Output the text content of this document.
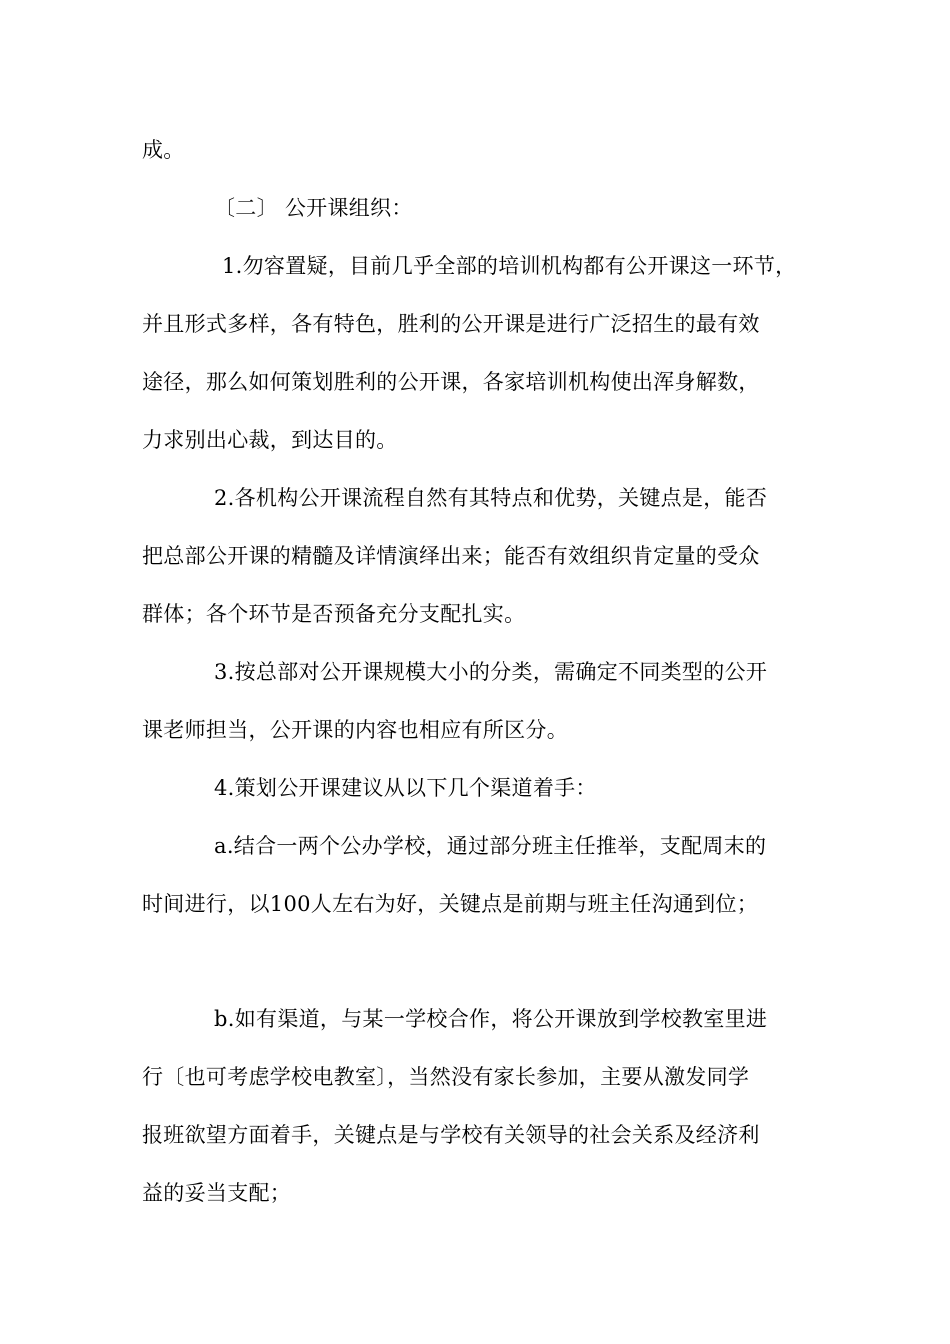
成。
〔二〕 公开课组织：
1.勿容置疑，目前几乎全部的培训机构都有公开课这一环节，
并且形式多样，各有特色，胜利的公开课是进行广泛招生的最有效
途径，那么如何策划胜利的公开课，各家培训机构使出浑身解数，
力求别出心裁，到达目的。
2.各机构公开课流程自然有其特点和优势，关键点是，能否
把总部公开课的精髓及详情演绎出来；能否有效组织肯定量的受众
群体；各个环节是否预备充分支配扎实。
3.按总部对公开课规模大小的分类，需确定不同类型的公开
课老师担当，公开课的内容也相应有所区分。
4.策划公开课建议从以下几个渠道着手：
a.结合一两个公办学校，通过部分班主任推举，支配周末的
时间进行，以100人左右为好，关键点是前期与班主任沟通到位；
b.如有渠道，与某一学校合作，将公开课放到学校教室里进
行〔也可考虑学校电教室〕，当然没有家长参加，主要从激发同学
报班欲望方面着手，关键点是与学校有关领导的社会关系及经济利
益的妥当支配；
